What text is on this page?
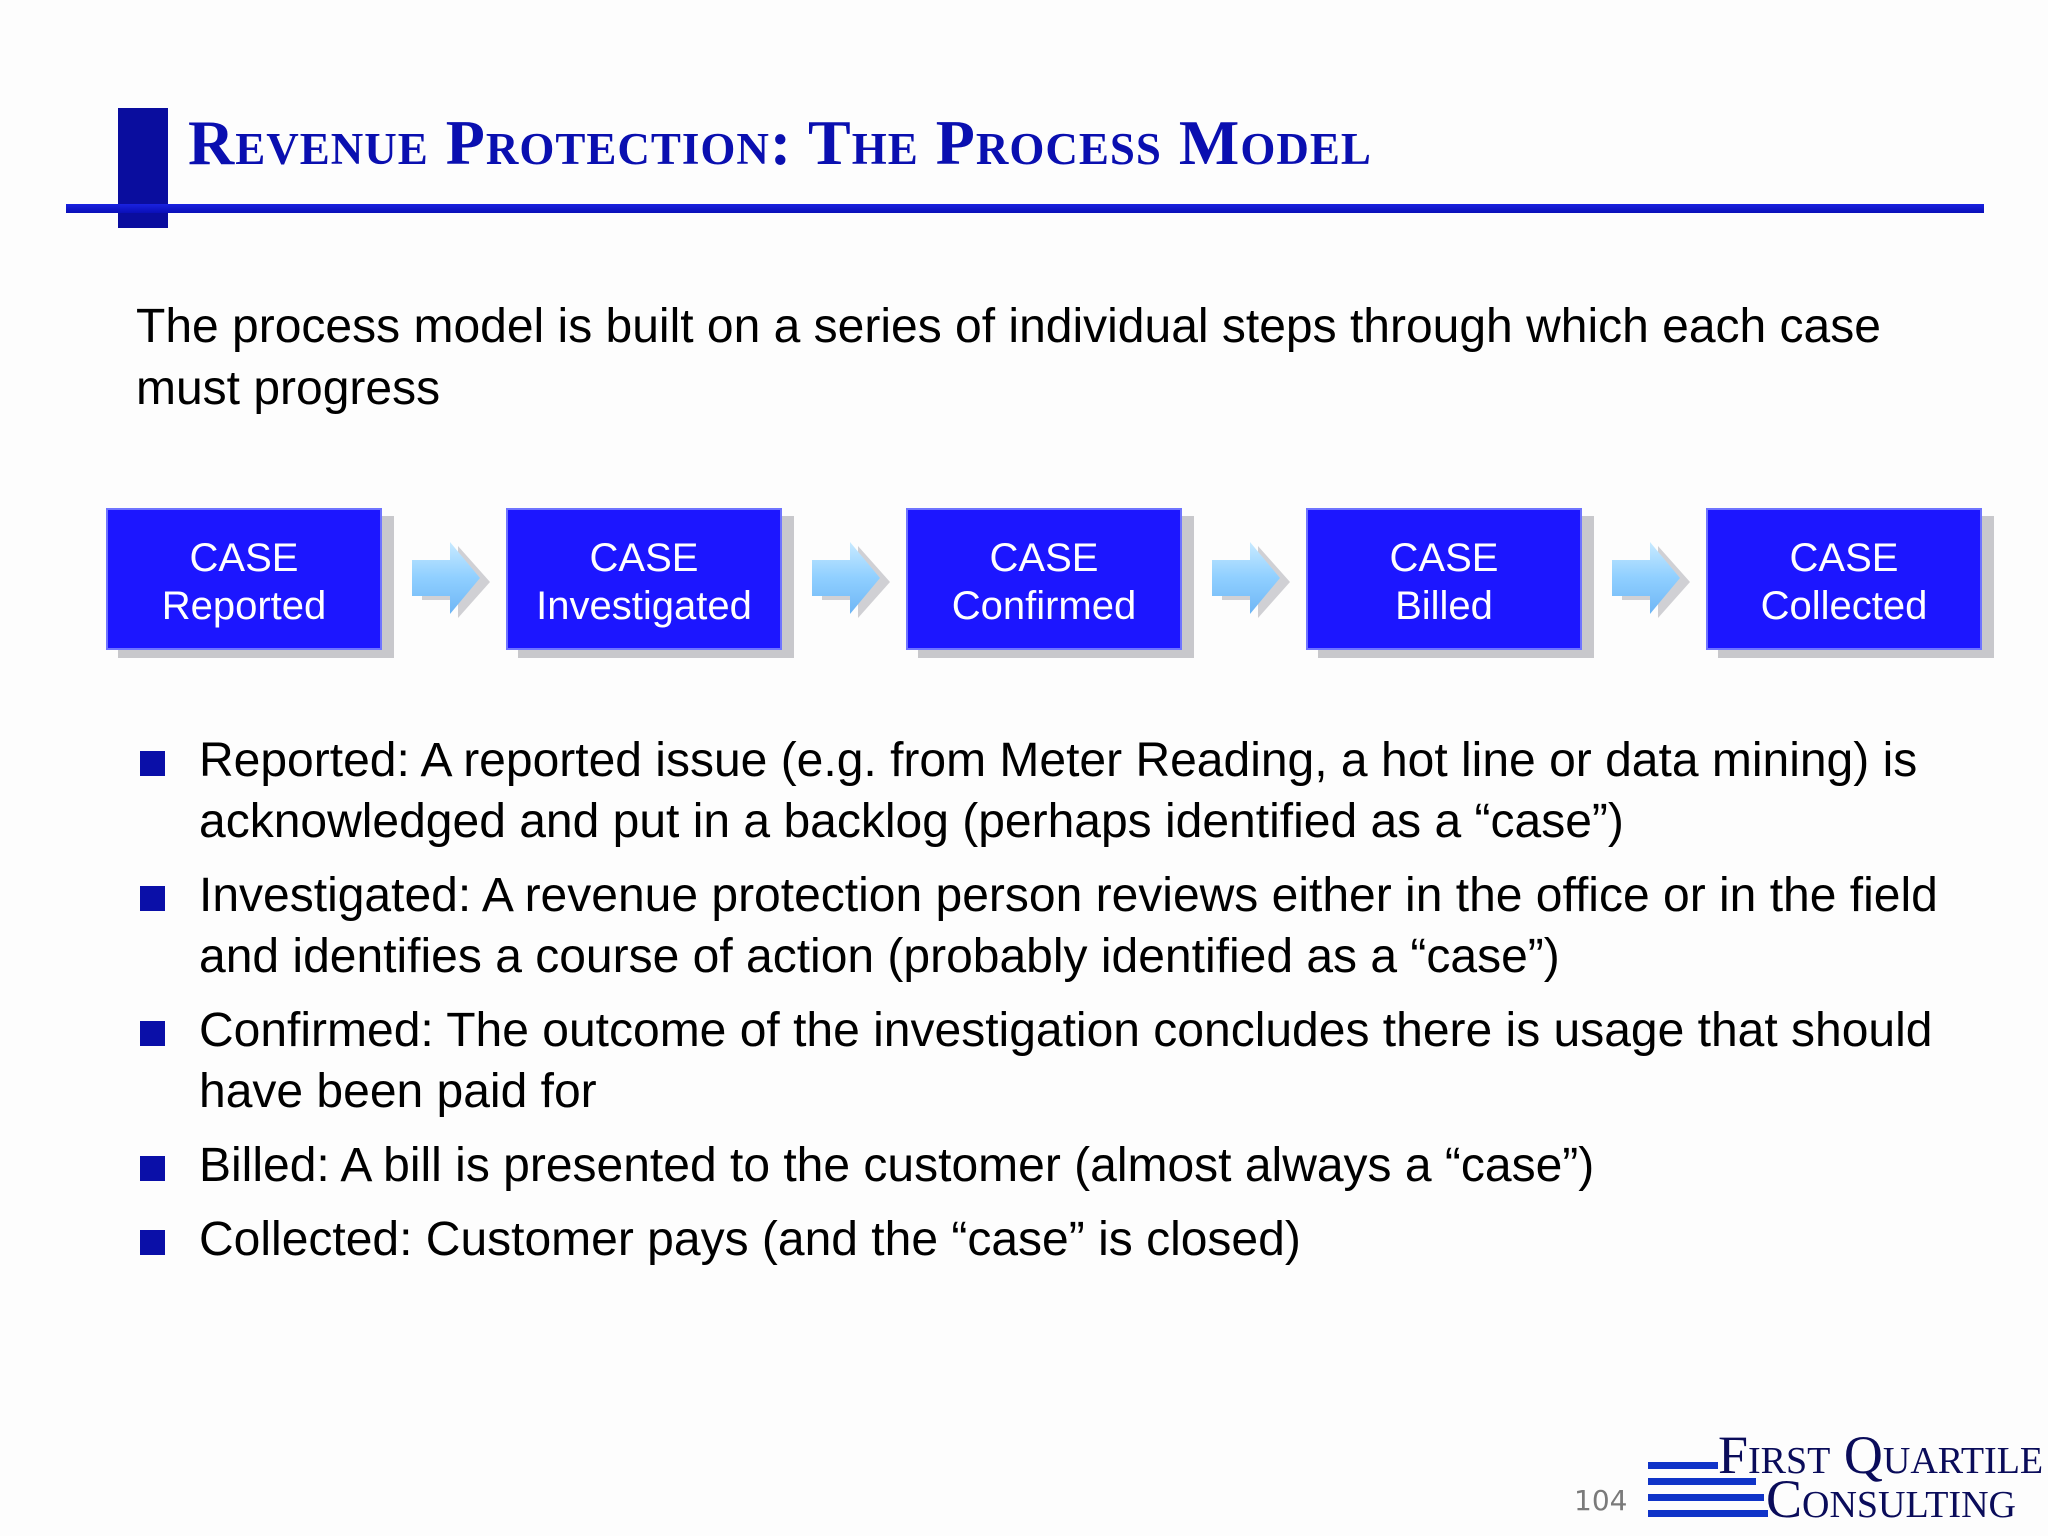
Revenue Protection: The Process Model

The process model is built on a series of individual steps through which each case must progress

CASE
Reported
CASE
Investigated
CASE
Confirmed
CASE
Billed
CASE
Collected
Reported: A reported issue (e.g. from Meter Reading, a hot line or data mining) is acknowledged and put in a backlog (perhaps identified as a “case”)
Investigated: A revenue protection person reviews either in the office or in the field and identifies a course of action (probably identified as a “case”)
Confirmed: The outcome of the investigation concludes there is usage that should have been paid for
Billed: A bill is presented to the customer (almost always a “case”)
Collected: Customer pays (and the “case” is closed)
104
First Quartile
Consulting
